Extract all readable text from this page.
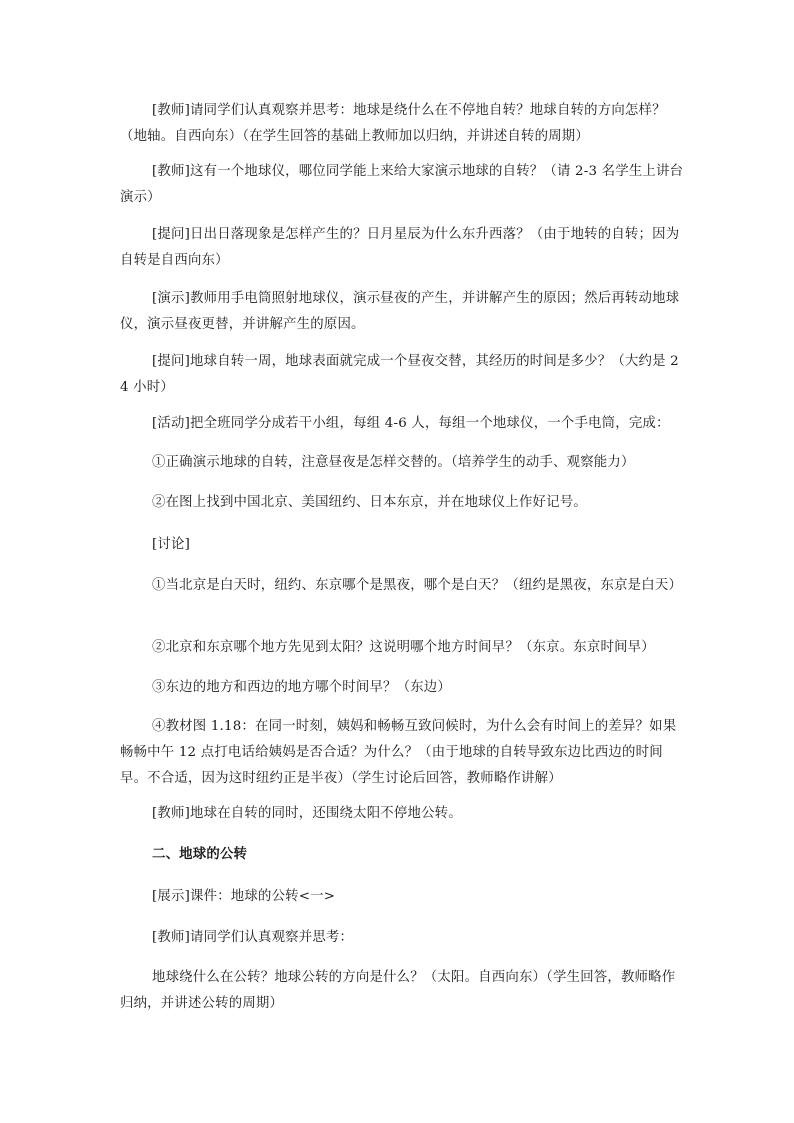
[教师]请同学们认真观察并思考：地球是绕什么在不停地自转？地球自转的方向怎样？（地轴。自西向东）（在学生回答的基础上教师加以归纳，并讲述自转的周期）

[教师]这有一个地球仪，哪位同学能上来给大家演示地球的自转？（请 2-3 名学生上讲台演示）

[提问]日出日落现象是怎样产生的？日月星辰为什么东升西落？（由于地转的自转；因为自转是自西向东）

[演示]教师用手电筒照射地球仪，演示昼夜的产生，并讲解产生的原因；然后再转动地球仪，演示昼夜更替，并讲解产生的原因。

[提问]地球自转一周，地球表面就完成一个昼夜交替，其经历的时间是多少？（大约是 24 小时）

[活动]把全班同学分成若干小组，每组 4-6 人，每组一个地球仪，一个手电筒，完成：

①正确演示地球的自转，注意昼夜是怎样交替的。（培养学生的动手、观察能力）

②在图上找到中国北京、美国纽约、日本东京，并在地球仪上作好记号。

[讨论]

①当北京是白天时，纽约、东京哪个是黑夜，哪个是白天？（纽约是黑夜，东京是白天）

②北京和东京哪个地方先见到太阳？这说明哪个地方时间早？（东京。东京时间早）

③东边的地方和西边的地方哪个时间早？（东边）

④教材图 1.18：在同一时刻，姨妈和畅畅互致问候时，为什么会有时间上的差异？如果畅畅中午 12 点打电话给姨妈是否合适？为什么？（由于地球的自转导致东边比西边的时间早。不合适，因为这时纽约正是半夜）（学生讨论后回答，教师略作讲解）

[教师]地球在自转的同时，还围绕太阳不停地公转。

二、地球的公转

[展示]课件：地球的公转<一>

[教师]请同学们认真观察并思考：

地球绕什么在公转？地球公转的方向是什么？（太阳。自西向东）（学生回答，教师略作归纳，并讲述公转的周期）
